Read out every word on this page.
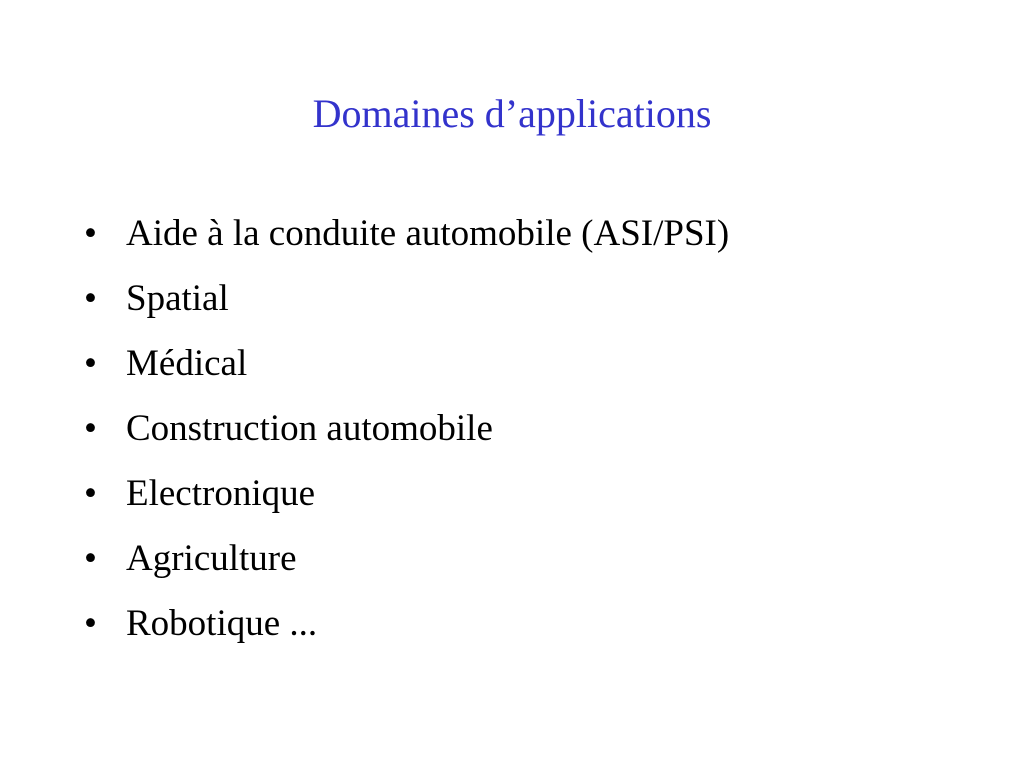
Domaines d’applications
• Aide à la conduite automobile (ASI/PSI)
• Spatial
• Médical
• Construction automobile
• Electronique
• Agriculture
• Robotique ...
